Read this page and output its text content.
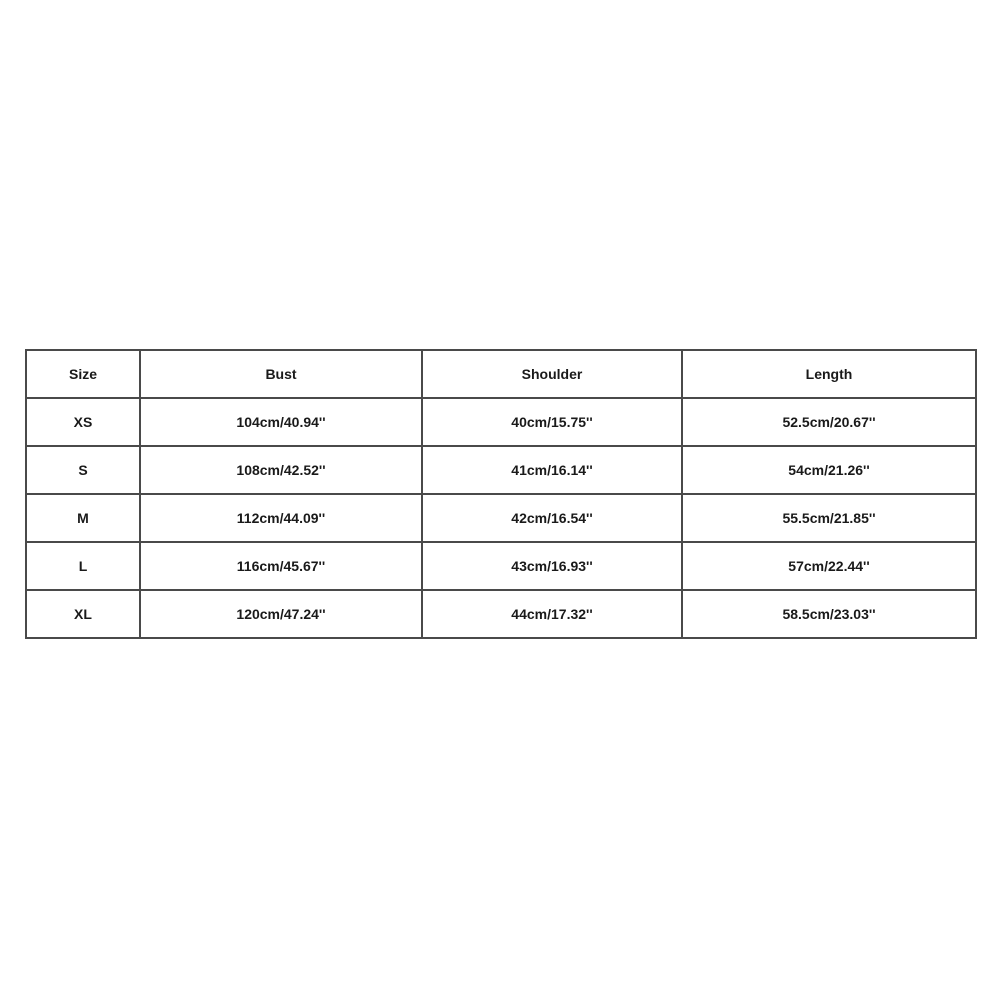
Size	Bust	Shoulder	Length
XS	104cm/40.94''	40cm/15.75''	52.5cm/20.67''
S	108cm/42.52''	41cm/16.14''	54cm/21.26''
M	112cm/44.09''	42cm/16.54''	55.5cm/21.85''
L	116cm/45.67''	43cm/16.93''	57cm/22.44''
XL	120cm/47.24''	44cm/17.32''	58.5cm/23.03''
